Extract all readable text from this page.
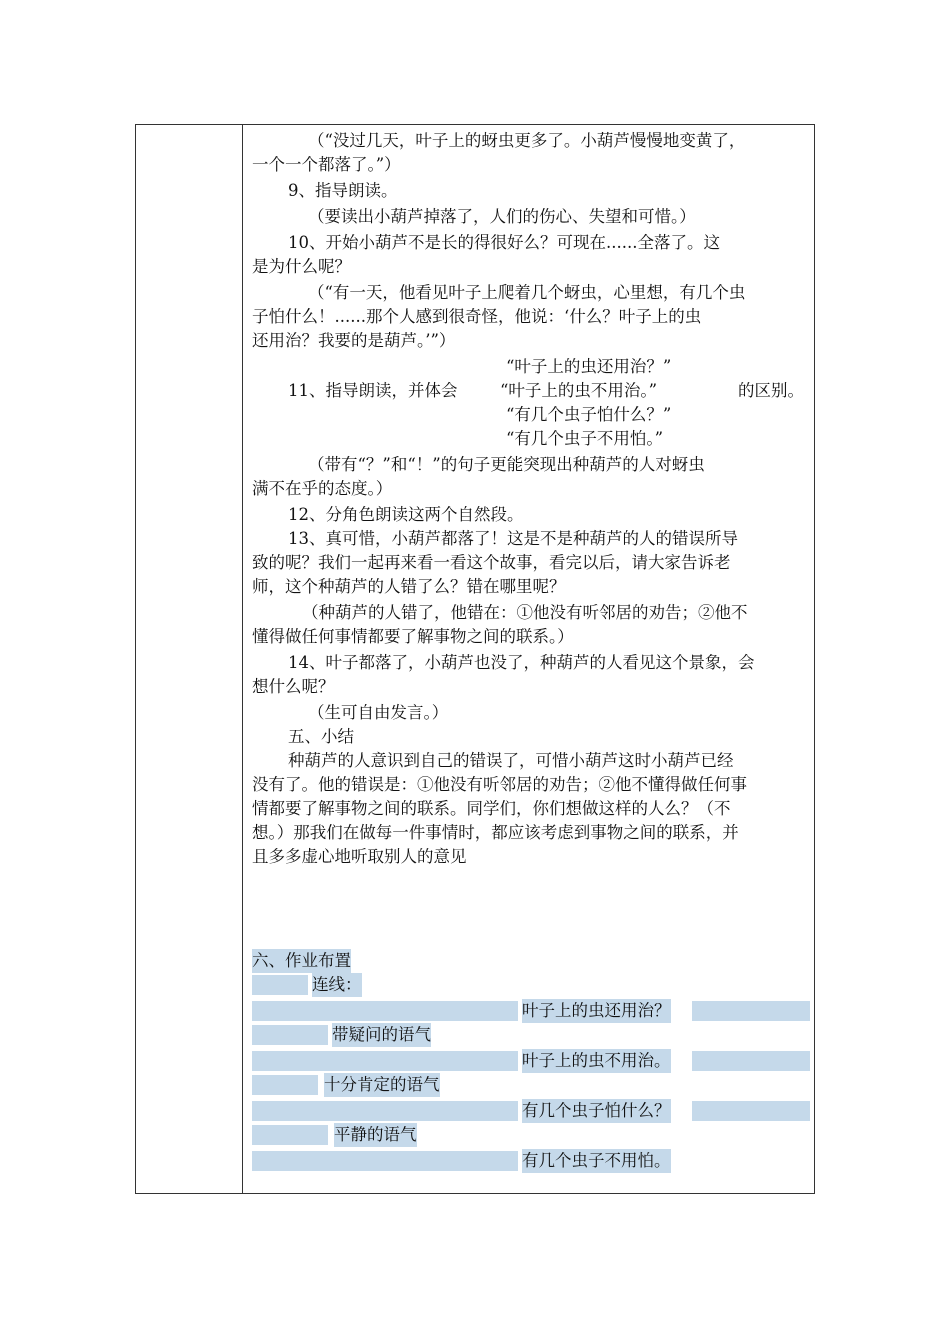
（“没过几天，叶子上的蚜虫更多了。小葫芦慢慢地变黄了，
一个一个都落了。”）
9、指导朗读。
（要读出小葫芦掉落了，人们的伤心、失望和可惜。）
10、开始小葫芦不是长的得很好么？可现在......全落了。这
是为什么呢？
（“有一天，他看见叶子上爬着几个蚜虫，心里想，有几个虫
子怕什么！......那个人感到很奇怪，他说：‘什么？叶子上的虫
还用治？我要的是葫芦。’”）
“叶子上的虫还用治？”
11、指导朗读，并体会	“叶子上的虫不用治。”	的区别。
“有几个虫子怕什么？”
“有几个虫子不用怕。”
（带有“？”和“！”的句子更能突现出种葫芦的人对蚜虫
满不在乎的态度。）
12、分角色朗读这两个自然段。
13、真可惜，小葫芦都落了！这是不是种葫芦的人的错误所导
致的呢？我们一起再来看一看这个故事，看完以后，请大家告诉老
师，这个种葫芦的人错了么？错在哪里呢？
（种葫芦的人错了，他错在：①他没有听邻居的劝告；②他不
懂得做任何事情都要了解事物之间的联系。）
14、叶子都落了，小葫芦也没了，种葫芦的人看见这个景象，会
想什么呢？
（生可自由发言。）
五、小结
种葫芦的人意识到自己的错误了，可惜小葫芦这时小葫芦已经
没有了。他的错误是：①他没有听邻居的劝告；②他不懂得做任何事
情都要了解事物之间的联系。同学们，你们想做这样的人么？（不
想。）那我们在做每一件事情时，都应该考虑到事物之间的联系，并
且多多虚心地听取别人的意见
六、作业布置
连线：
叶子上的虫还用治？
带疑问的语气
叶子上的虫不用治。
十分肯定的语气
有几个虫子怕什么？
平静的语气
有几个虫子不用怕。
